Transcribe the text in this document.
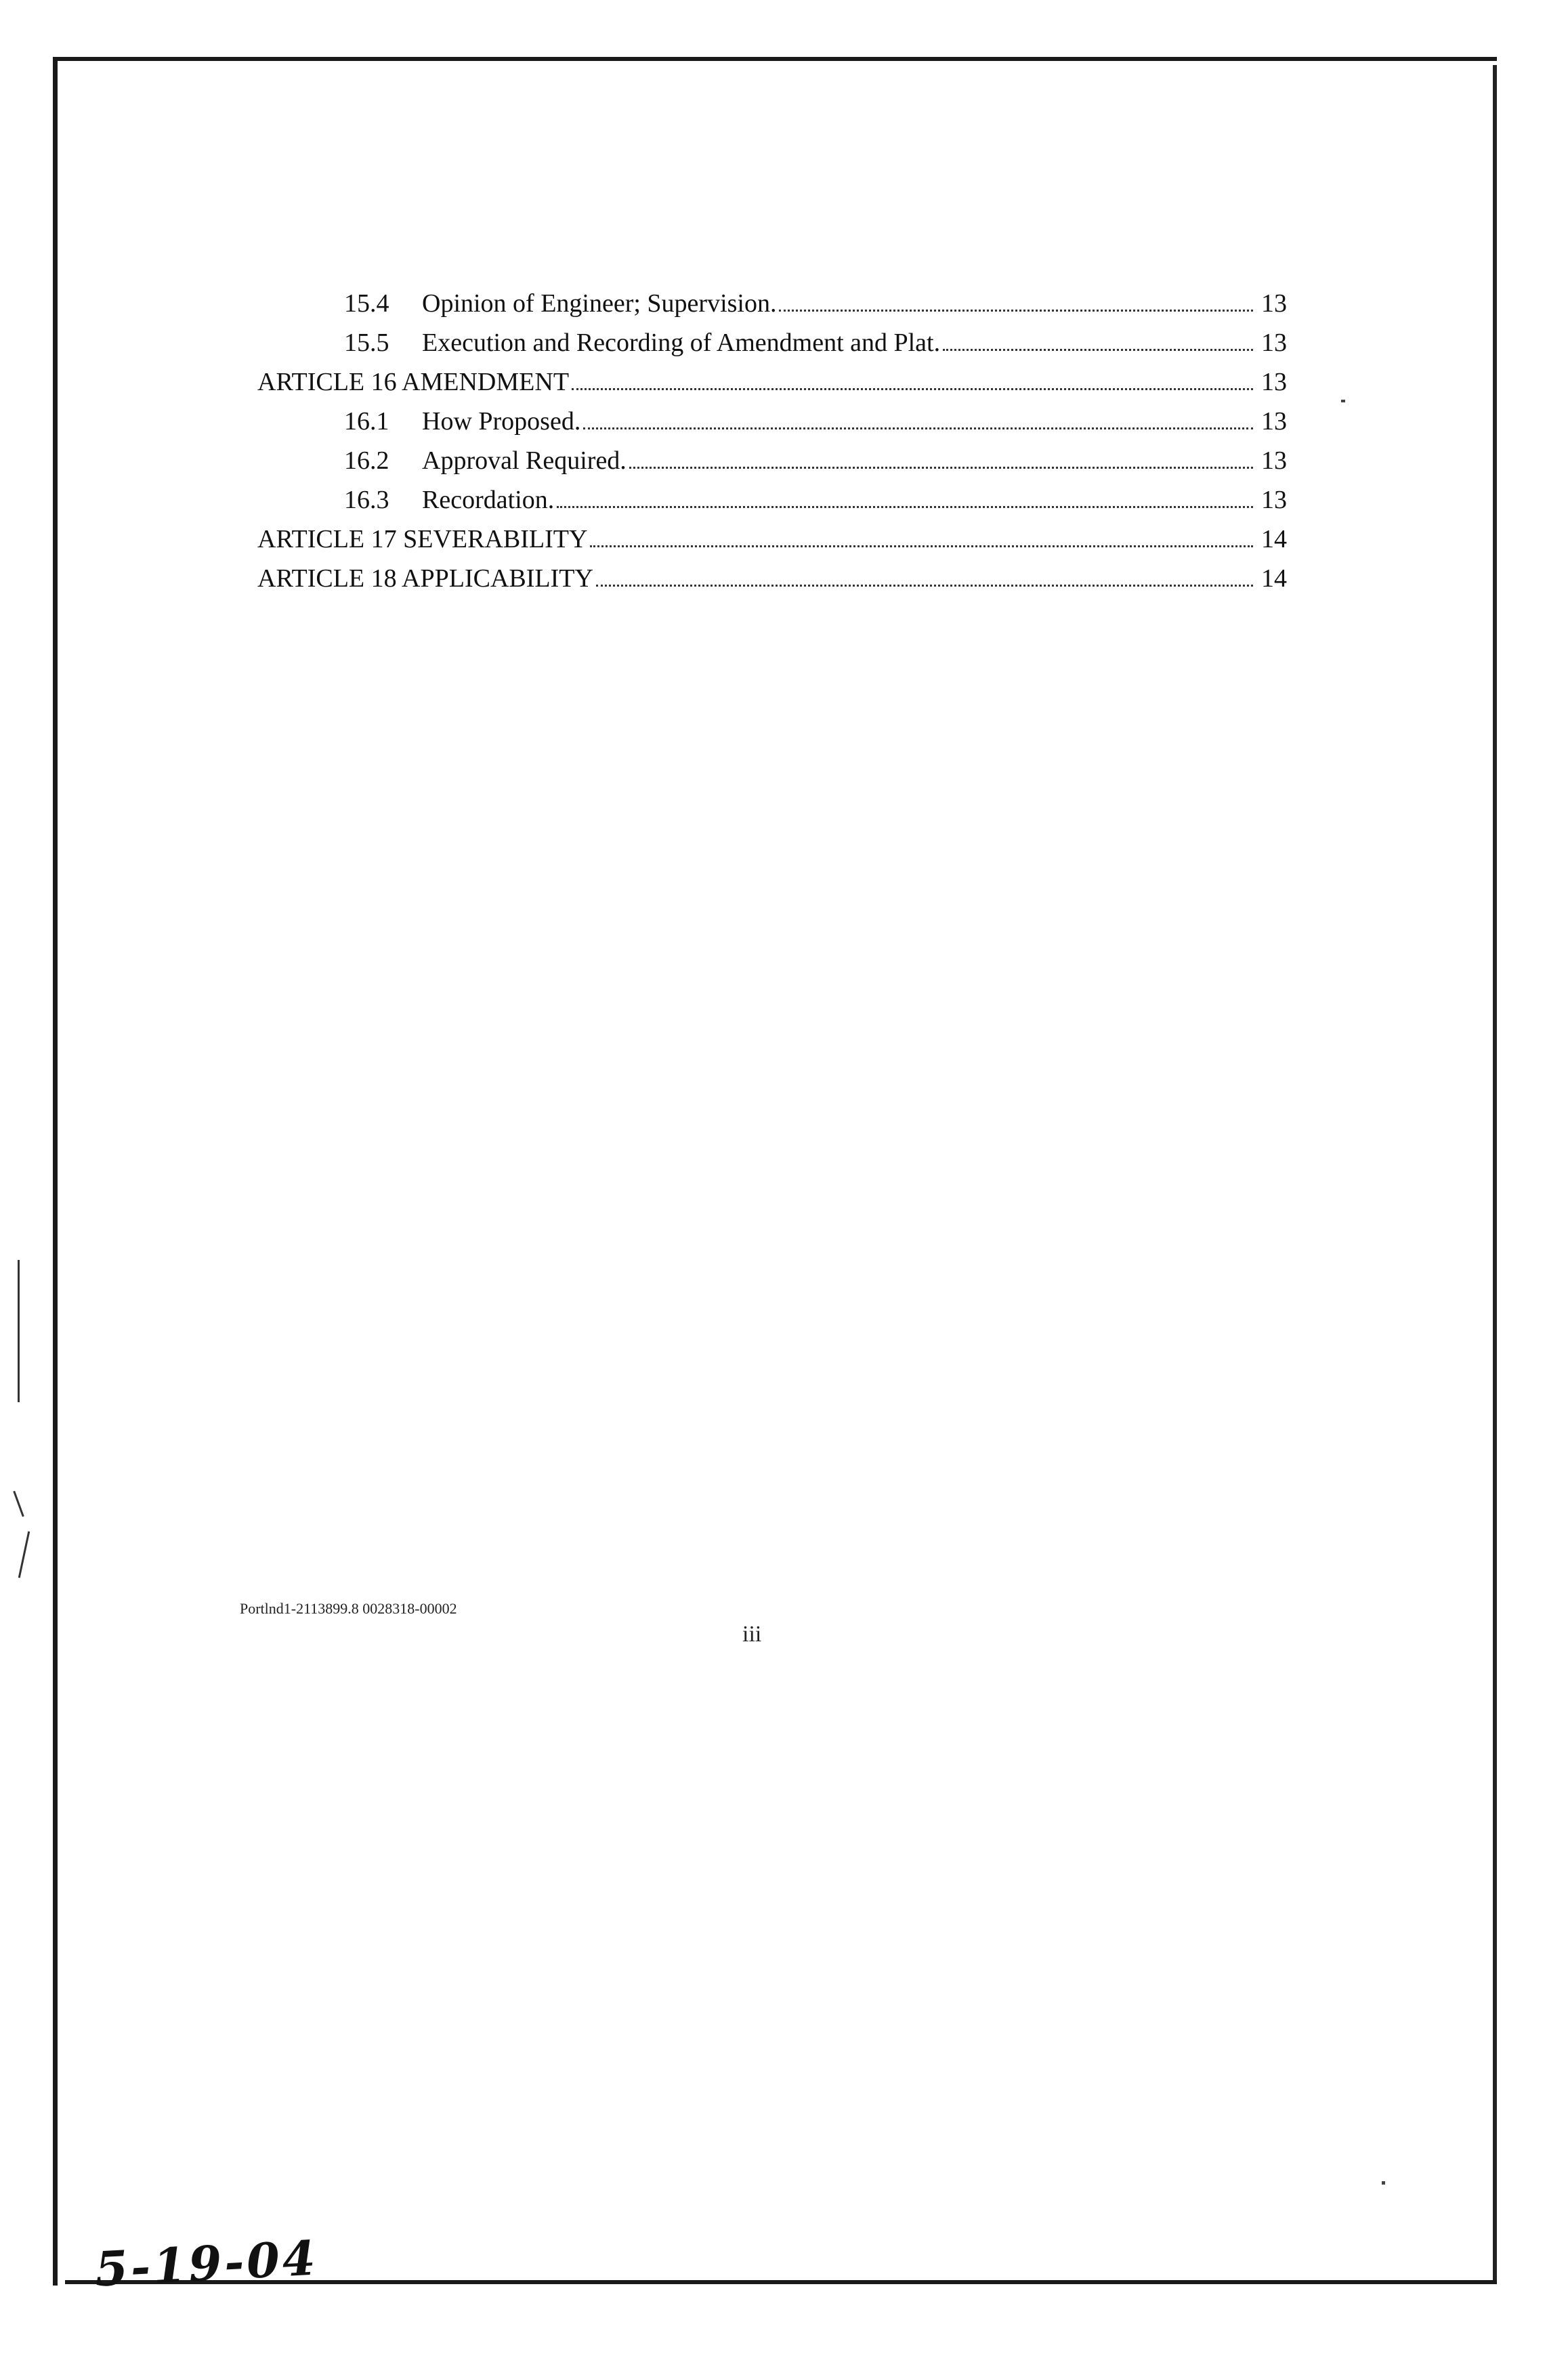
15.4	Opinion of Engineer; Supervision.	13
15.5	Execution and Recording of Amendment and Plat.	13
ARTICLE 16 AMENDMENT	13
16.1	How Proposed.	13
16.2	Approval Required.	13
16.3	Recordation.	13
ARTICLE 17 SEVERABILITY	14
ARTICLE 18 APPLICABILITY	14
Portlnd1-2113899.8 0028318-00002
iii
5-19-04
